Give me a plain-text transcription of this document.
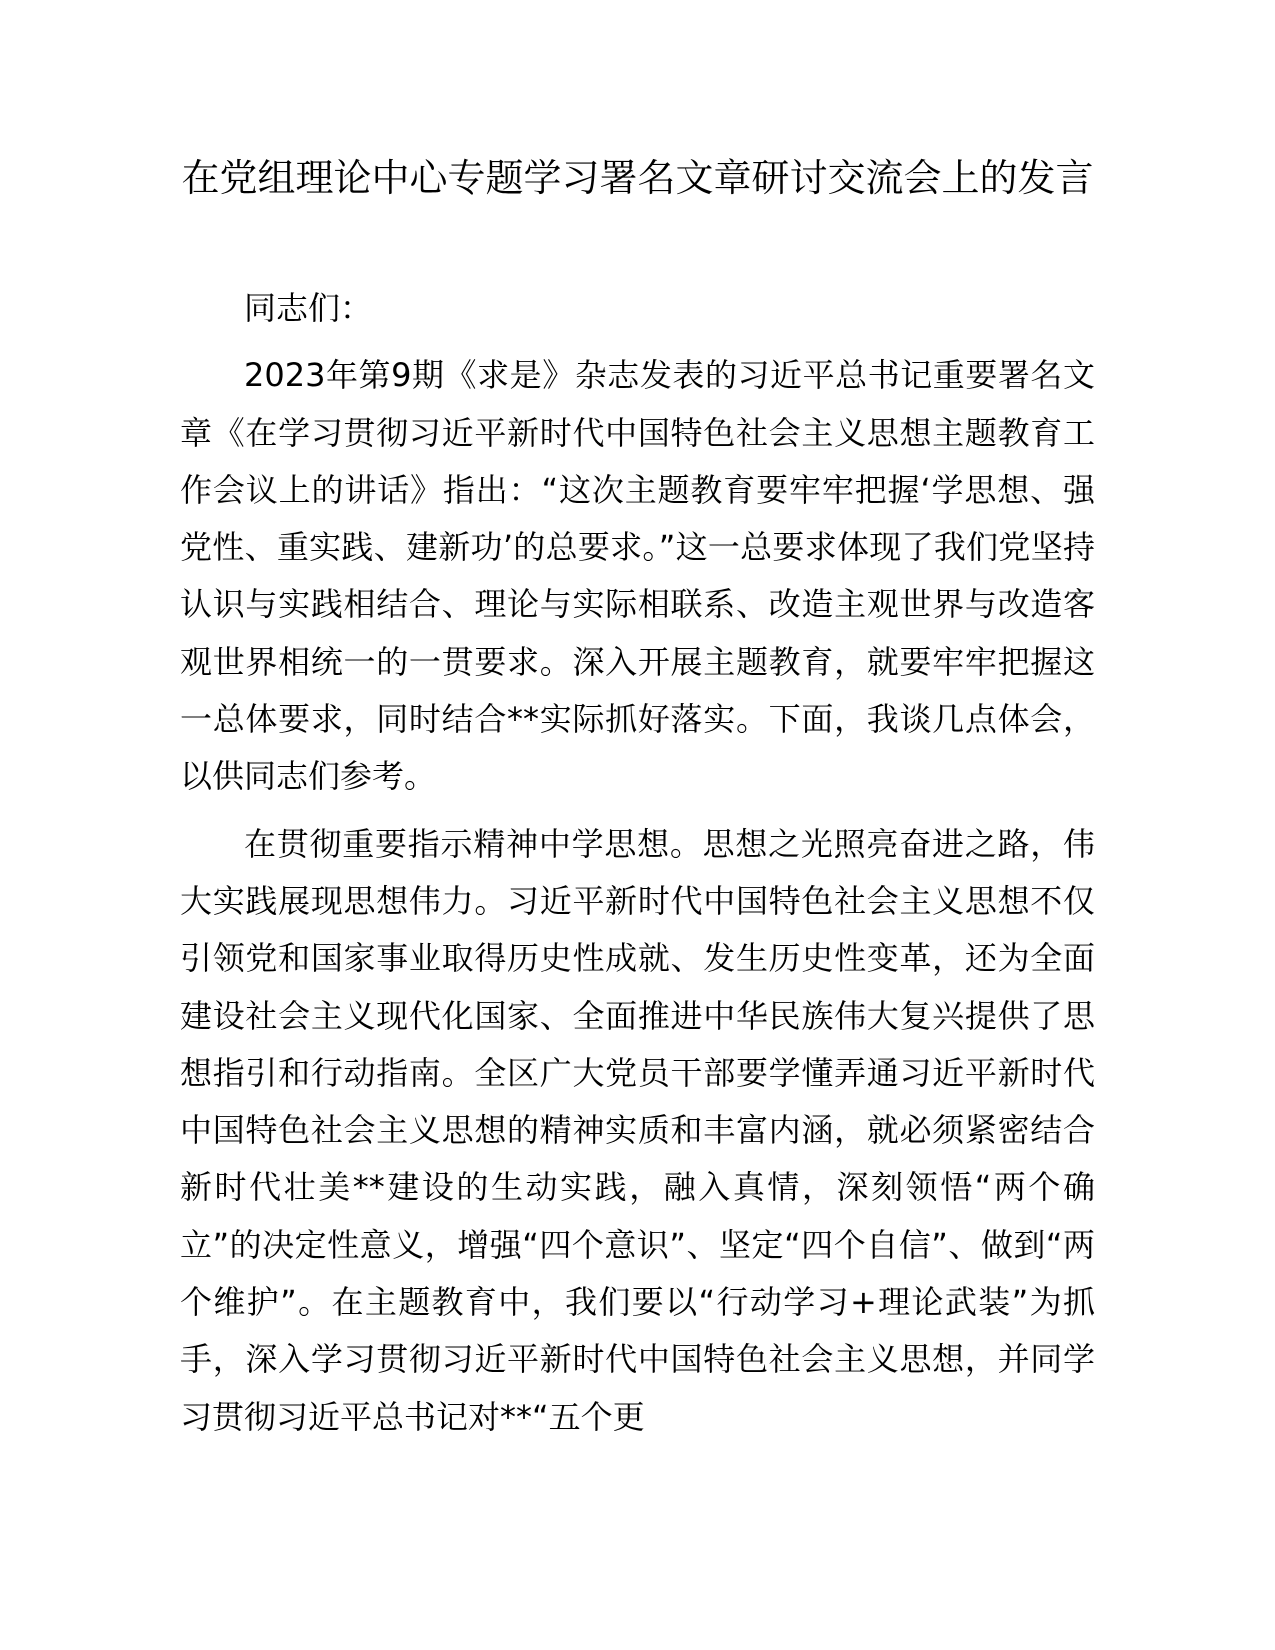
在党组理论中心专题学习署名文章研讨交流会上的发言

同志们：

2023年第9期《求是》杂志发表的习近平总书记重要署名文章《在学习贯彻习近平新时代中国特色社会主义思想主题教育工作会议上的讲话》指出：“这次主题教育要牢牢把握‘学思想、强党性、重实践、建新功’的总要求。”这一总要求体现了我们党坚持认识与实践相结合、理论与实际相联系、改造主观世界与改造客观世界相统一的一贯要求。深入开展主题教育，就要牢牢把握这一总体要求，同时结合**实际抓好落实。下面，我谈几点体会，以供同志们参考。

在贯彻重要指示精神中学思想。思想之光照亮奋进之路，伟大实践展现思想伟力。习近平新时代中国特色社会主义思想不仅引领党和国家事业取得历史性成就、发生历史性变革，还为全面建设社会主义现代化国家、全面推进中华民族伟大复兴提供了思想指引和行动指南。全区广大党员干部要学懂弄通习近平新时代中国特色社会主义思想的精神实质和丰富内涵，就必须紧密结合新时代壮美**建设的生动实践，融入真情，深刻领悟“两个确立”的决定性意义，增强“四个意识”、坚定“四个自信”、做到“两个维护”。在主题教育中，我们要以“行动学习+理论武装”为抓手，深入学习贯彻习近平新时代中国特色社会主义思想，并同学习贯彻习近平总书记对**“五个更
